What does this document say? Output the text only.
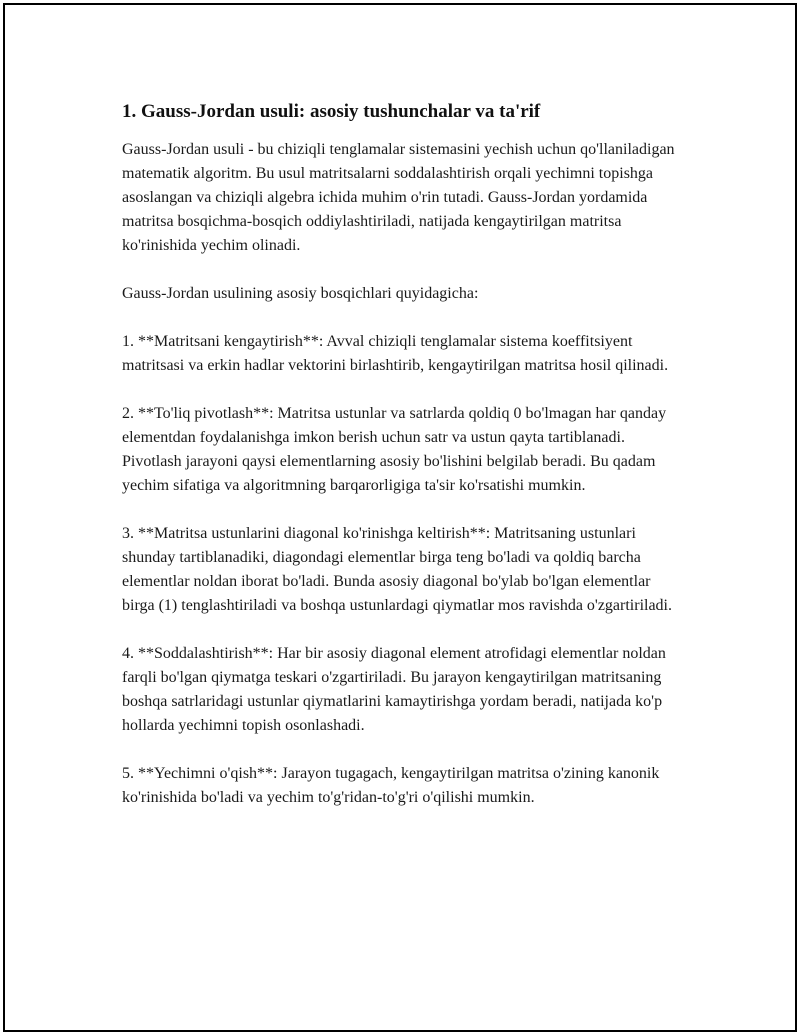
1. Gauss-Jordan usuli: asosiy tushunchalar va ta'rif

Gauss-Jordan usuli - bu chiziqli tenglamalar sistemasini yechish uchun qo'llaniladigan matematik algoritm. Bu usul matritsalarni soddalashtirish orqali yechimni topishga asoslangan va chiziqli algebra ichida muhim o'rin tutadi. Gauss-Jordan yordamida matritsa bosqichma-bosqich oddiylashtiriladi, natijada kengaytirilgan matritsa ko'rinishida yechim olinadi.

Gauss-Jordan usulining asosiy bosqichlari quyidagicha:

1. **Matritsani kengaytirish**: Avval chiziqli tenglamalar sistema koeffitsiyent matritsasi va erkin hadlar vektorini birlashtirib, kengaytirilgan matritsa hosil qilinadi.

2. **To'liq pivotlash**: Matritsa ustunlar va satrlarda qoldiq 0 bo'lmagan har qanday elementdan foydalanishga imkon berish uchun satr va ustun qayta tartiblanadi. Pivotlash jarayoni qaysi elementlarning asosiy bo'lishini belgilab beradi. Bu qadam yechim sifatiga va algoritmning barqarorligiga ta'sir ko'rsatishi mumkin.

3. **Matritsa ustunlarini diagonal ko'rinishga keltirish**: Matritsaning ustunlari shunday tartiblanadiki, diagondagi elementlar birga teng bo'ladi va qoldiq barcha elementlar noldan iborat bo'ladi. Bunda asosiy diagonal bo'ylab bo'lgan elementlar birga (1) tenglashtiriladi va boshqa ustunlardagi qiymatlar mos ravishda o'zgartiriladi.

4. **Soddalashtirish**: Har bir asosiy diagonal element atrofidagi elementlar noldan farqli bo'lgan qiymatga teskari o'zgartiriladi. Bu jarayon kengaytirilgan matritsaning boshqa satrlaridagi ustunlar qiymatlarini kamaytirishga yordam beradi, natijada ko'p hollarda yechimni topish osonlashadi.

5. **Yechimni o'qish**: Jarayon tugagach, kengaytirilgan matritsa o'zining kanonik ko'rinishida bo'ladi va yechim to'g'ridan-to'g'ri o'qilishi mumkin.
